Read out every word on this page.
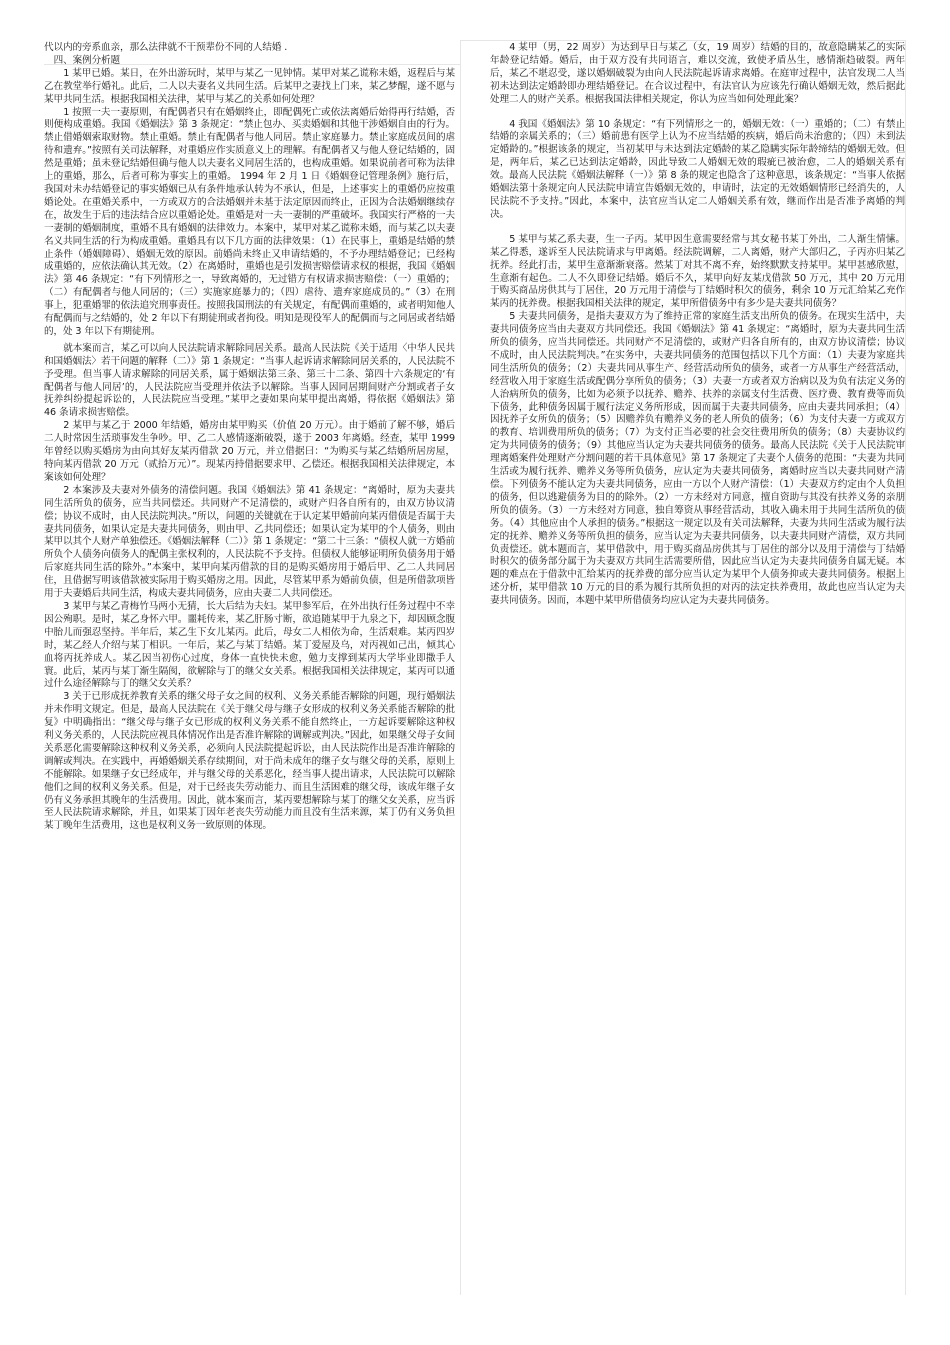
代以内的旁系血亲，那么法律就不干预辈份不同的人结婚 .

四、案例分析题

1 某甲已婚。某日，在外出游玩时，某甲与某乙一见钟情。某甲对某乙谎称未婚，返程后与某乙在教堂举行婚礼。此后，二人以夫妻名义共同生活。后某甲之妻找上门来，某乙梦醒，遂不愿与某甲共同生活。根据我国相关法律，某甲与某乙的关系如何处理？

1 按照一夫一妻原则，有配偶者只有在婚姻终止，即配偶死亡或依法离婚后始得再行结婚，否则便构成重婚。我国《婚姻法》第 3 条规定：“禁止包办、买卖婚姻和其他干涉婚姻自由的行为。禁止借婚姻索取财物。禁止重婚。禁止有配偶者与他人同居。禁止家庭暴力。禁止家庭成员间的虐待和遗弃。”按照有关司法解释，对重婚应作实质意义上的理解。有配偶者又与他人登记结婚的，固然是重婚；虽未登记结婚但确与他人以夫妻名义同居生活的，也构成重婚。如果说前者可称为法律上的重婚，那么，后者可称为事实上的重婚。 1994 年 2 月 1 日《婚姻登记管理条例》施行后，我国对未办结婚登记的事实婚姻已从有条件地承认转为不承认，但是，上述事实上的重婚仍应按重婚论处。在重婚关系中，一方或双方的合法婚姻并未基于法定原因而终止，正因为合法婚姻继续存在，故发生于后的违法结合应以重婚论处。重婚是对一夫一妻制的严重破坏。我国实行严格的一夫一妻制的婚姻制度，重婚不具有婚姻的法律效力。本案中，某甲对某乙谎称未婚，而与某乙以夫妻名义共同生活的行为构成重婚。重婚具有以下几方面的法律效果：（1）在民事上，重婚是结婚的禁止条件（婚姻障碍）、婚姻无效的原因。前婚尚未终止又申请结婚的，不予办理结婚登记；已经构成重婚的，应依法确认其无效。（2）在离婚时，重婚也是引发损害赔偿请求权的根据，我国《婚姻法》第 46 条规定：“有下列情形之一，导致离婚的，无过错方有权请求损害赔偿：（一）重婚的；（二）有配偶者与他人同居的；（三）实施家庭暴力的；（四）虐待、遗弃家庭成员的。”（3）在刑事上，犯重婚罪的依法追究刑事责任。按照我国刑法的有关规定，有配偶而重婚的，或者明知他人有配偶而与之结婚的，处 2 年以下有期徒刑或者拘役。明知是现役军人的配偶而与之同居或者结婚的，处 3 年以下有期徒刑。

就本案而言，某乙可以向人民法院请求解除同居关系。最高人民法院《关于适用〈中华人民共和国婚姻法〉若干问题的解释（二）》第 1 条规定：“当事人起诉请求解除同居关系的，人民法院不予受理。但当事人请求解除的同居关系，属于婚姻法第三条、第三十二条、第四十六条规定的‘有配偶者与他人同居’的，人民法院应当受理并依法予以解除。当事人因同居期间财产分割或者子女抚养纠纷提起诉讼的，人民法院应当受理。”某甲之妻如果向某甲提出离婚，得依据《婚姻法》第 46 条请求损害赔偿。

2 某甲与某乙于 2000 年结婚，婚房由某甲购买（价值 20 万元）。由于婚前了解不够，婚后二人时常因生活琐事发生争吵。甲、乙二人感情逐渐破裂，遂于 2003 年离婚。经查，某甲 1999 年曾经以购买婚房为由向其好友某丙借款 20 万元，并立借据曰：“为购买与某乙结婚所居房屋，特向某丙借款 20 万元（贰拾万元）”。现某丙持借据要求甲、乙偿还。根据我国相关法律规定，本案该如何处理？

2 本案涉及夫妻对外债务的清偿问题。我国《婚姻法》第 41 条规定：“离婚时，原为夫妻共同生活所负的债务，应当共同偿还。共同财产不足清偿的，或财产归各自所有的，由双方协议清偿；协议不成时，由人民法院判决。”所以，问题的关键就在于认定某甲婚前向某丙借债是否属于夫妻共同债务，如果认定是夫妻共同债务，则由甲、乙共同偿还；如果认定为某甲的个人债务，则由某甲以其个人财产单独偿还。《婚姻法解释（二）》第 1 条规定：“第二十三条：“债权人就一方婚前所负个人债务向债务人的配偶主张权利的，人民法院不予支持。但债权人能够证明所负债务用于婚后家庭共同生活的除外。”本案中，某甲向某丙借款的目的是购买婚房用于婚后甲、乙二人共同居住，且借据写明该借款被实际用于购买婚房之用。因此，尽管某甲系为婚前负债，但是所借款项皆用于夫妻婚后共同生活，构成夫妻共同债务，应由夫妻二人共同偿还。

3 某甲与某乙青梅竹马两小无猜，长大后结为夫妇。某甲参军后，在外出执行任务过程中不幸因公殉职。是时，某乙身怀六甲。噩耗传来，某乙肝肠寸断，欲追随某甲于九泉之下，却因顾念腹中胎儿而强忍坚持。半年后，某乙生下女儿某丙。此后，母女二人相依为命，生活艰难。某丙四岁时，某乙经人介绍与某丁相识。一年后，某乙与某丁结婚。某丁爱屋及乌，对丙视如己出，倾其心血将丙抚养成人。某乙因当初伤心过度，身体一直快快未愈，勉力支撑到某丙大学毕业即撒手人寰。此后，某丙与某丁渐生隔阂，欲解除与丁的继父女关系。根据我国相关法律规定，某丙可以通过什么途径解除与丁的继父女关系？

3 关于已形成抚养教育关系的继父母子女之间的权利、义务关系能否解除的问题，现行婚姻法并未作明文规定。但是，最高人民法院在《关于继父母与继子女形成的权利义务关系能否解除的批复》中明确指出：“继父母与继子女已形成的权利义务关系不能自然终止，一方起诉要解除这种权利义务关系的，人民法院应视具体情况作出是否准许解除的调解或判决。”因此，如果继父母子女间关系恶化需要解除这种权利义务关系，必须向人民法院提起诉讼，由人民法院作出是否准许解除的调解或判决。在实践中，再婚婚姻关系存续期间，对于尚未成年的继子女与继父母的关系，原则上不能解除。如果继子女已经成年，并与继父母的关系恶化，经当事人提出请求，人民法院可以解除他们之间的权利义务关系。但是，对于已经丧失劳动能力、而且生活困难的继父母，该成年继子女仍有义务承担其晚年的生活费用。因此，就本案而言，某丙要想解除与某丁的继父女关系，应当诉至人民法院请求解除，并且，如果某丁因年老丧失劳动能力而且没有生活来源，某丁仍有义务负担某丁晚年生活费用，这也是权利义务一致原则的体现。

4 某甲（男，22 周岁）为达到早日与某乙（女，19 周岁）结婚的目的，故意隐瞒某乙的实际年龄登记结婚。婚后，由于双方没有共同语言，难以交流，致使矛盾丛生，感情渐趋破裂。两年后，某乙不堪忍受，遂以婚姻破裂为由向人民法院起诉请求离婚。在庭审过程中，法官发现二人当初未达到法定婚龄即办理结婚登记。在合议过程中，有法官认为应该先行确认婚姻无效，然后据此处理二人的财产关系。根据我国法律相关规定，你认为应当如何处理此案？

4 我国《婚姻法》第 10 条规定：“有下列情形之一的，婚姻无效：（一）重婚的；（二）有禁止结婚的亲属关系的；（三）婚前患有医学上认为不应当结婚的疾病，婚后尚未治愈的；（四）未到法定婚龄的。”根据该条的规定，当初某甲与未达到法定婚龄的某乙隐瞒实际年龄缔结的婚姻无效。但是，两年后，某乙已达到法定婚龄，因此导致二人婚姻无效的瑕疵已被治愈，二人的婚姻关系有效。最高人民法院《婚姻法解释（一）》第 8 条的规定也隐含了这种意思，该条规定：“当事人依据婚姻法第十条规定向人民法院申请宣告婚姻无效的，申请时，法定的无效婚姻情形已经消失的，人民法院不予支持。”因此，本案中，法官应当认定二人婚姻关系有效，继而作出是否准予离婚的判决。

5 某甲与某乙系夫妻，生一子丙。某甲因生意需要经常与其女秘书某丁外出，二人渐生情愫。某乙得悉，遂诉至人民法院请求与甲离婚。经法院调解，二人离婚，财产大部归乙，子丙亦归某乙抚养。经此打击，某甲生意渐渐衰落。然某丁对其不离不弃，始终默默支持某甲。某甲甚感欣慰，生意渐有起色。二人不久即登记结婚。婚后不久，某甲向好友某戊借款 50 万元，其中 20 万元用于购买商品房供其与丁居住，20 万元用于清偿与丁结婚时积欠的债务，剩余 10 万元汇给某乙充作某丙的抚养费。根据我国相关法律的规定，某甲所借债务中有多少是夫妻共同债务？

5 夫妻共同债务，是指夫妻双方为了维持正常的家庭生活支出所负的债务。在现实生活中，夫妻共同债务应当由夫妻双方共同偿还。我国《婚姻法》第 41 条规定：“离婚时，原为夫妻共同生活所负的债务，应当共同偿还。共同财产不足清偿的，或财产归各自所有的，由双方协议清偿；协议不成时，由人民法院判决。”在实务中，夫妻共同债务的范围包括以下几个方面：（1）夫妻为家庭共同生活所负的债务；（2）夫妻共同从事生产、经营活动所负的债务，或者一方从事生产经营活动，经营收入用于家庭生活或配偶分享所负的债务；（3）夫妻一方或者双方治病以及为负有法定义务的人治病所负的债务，比如为必须予以抚养、赡养、扶养的亲属支付生活费、医疗费、教育费等而负下债务，此种债务因属于履行法定义务所形成，因而属于夫妻共同债务，应由夫妻共同承担；（4）因抚养子女所负的债务；（5）因赡养负有赡养义务的老人所负的债务；（6）为支付夫妻一方或双方的教育、培训费用所负的债务；（7）为支付正当必要的社会交往费用所负的债务；（8）夫妻协议约定为共同债务的债务；（9）其他应当认定为夫妻共同债务的债务。最高人民法院《关于人民法院审理离婚案件处理财产分割问题的若干具体意见》第 17 条规定了夫妻个人债务的范围：“夫妻为共同生活或为履行抚养、赡养义务等所负债务，应认定为夫妻共同债务，离婚时应当以夫妻共同财产清偿。下列债务不能认定为夫妻共同债务，应由一方以个人财产清偿：（1）夫妻双方约定由个人负担的债务，但以逃避债务为目的的除外。（2）一方未经对方同意，擅自资助与其没有扶养义务的亲朋所负的债务。（3）一方未经对方同意，独自筹资从事经营活动，其收入确未用于共同生活所负的债务。（4）其他应由个人承担的债务。”根据这一规定以及有关司法解释，夫妻为共同生活或为履行法定的抚养、赡养义务等所负担的债务，应当认定为夫妻共同债务，以夫妻共同财产清偿，双方共同负责偿还。就本题而言，某甲借款中，用于购买商品房供其与丁居住的部分以及用于清偿与丁结婚时积欠的债务部分属于为夫妻双方共同生活需要所借，因此应当认定为夫妻共同债务自属无疑。本题的难点在于借款中汇给某丙的抚养费的部分应当认定为某甲个人债务抑或夫妻共同债务。根据上述分析，某甲借款 10 万元的目的系为履行其所负担的对丙的法定扶养费用，故此也应当认定为夫妻共同债务。因而，本题中某甲所借债务均应认定为夫妻共同债务。
